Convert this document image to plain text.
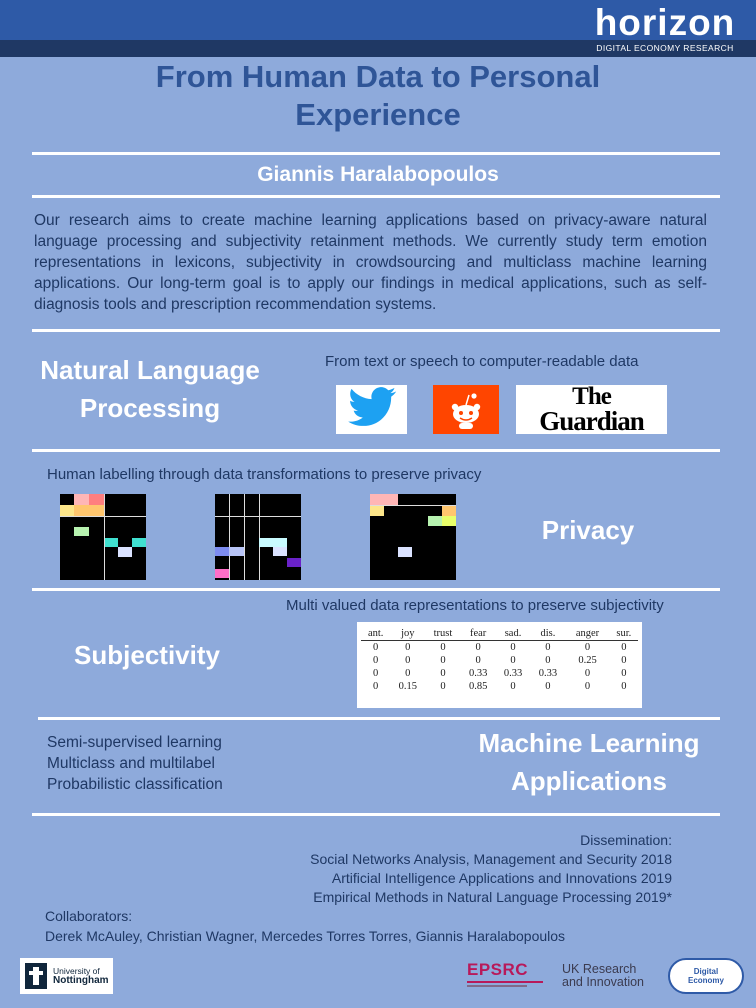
horizon
DIGITAL ECONOMY RESEARCH
From Human Data to Personal
Experience
Giannis Haralabopoulos
Our research aims to create machine learning applications based on privacy-aware natural language processing and subjectivity retainment methods. We currently study term emotion representations in lexicons, subjectivity in crowdsourcing and multiclass machine learning applications. Our long-term goal is to apply our findings in medical applications, such as self-diagnosis tools and prescription recommendation systems.
Natural Language
Processing
From text or speech to computer-readable data
The
Guardian
Human labelling through data transformations to preserve privacy
Privacy
Multi valued data representations to preserve subjectivity
Subjectivity
ant.	joy	trust	fear	sad.	dis.	anger	sur.
0	0	0	0	0	0	0	0
0	0	0	0	0	0	0.25	0
0	0	0	0.33	0.33	0.33	0	0
0	0.15	0	0.85	0	0	0	0
Semi-supervised learning
Multiclass and multilabel
Probabilistic classification
Machine Learning
Applications
Dissemination:
Social Networks Analysis, Management and Security 2018
Artificial Intelligence Applications and Innovations 2019
Empirical Methods in Natural Language Processing 2019*
Collaborators:
Derek McAuley, Christian Wagner, Mercedes Torres Torres, Giannis Haralabopoulos
University of
Nottingham
EPSRC	UK Research
and Innovation
Digital
Economy
